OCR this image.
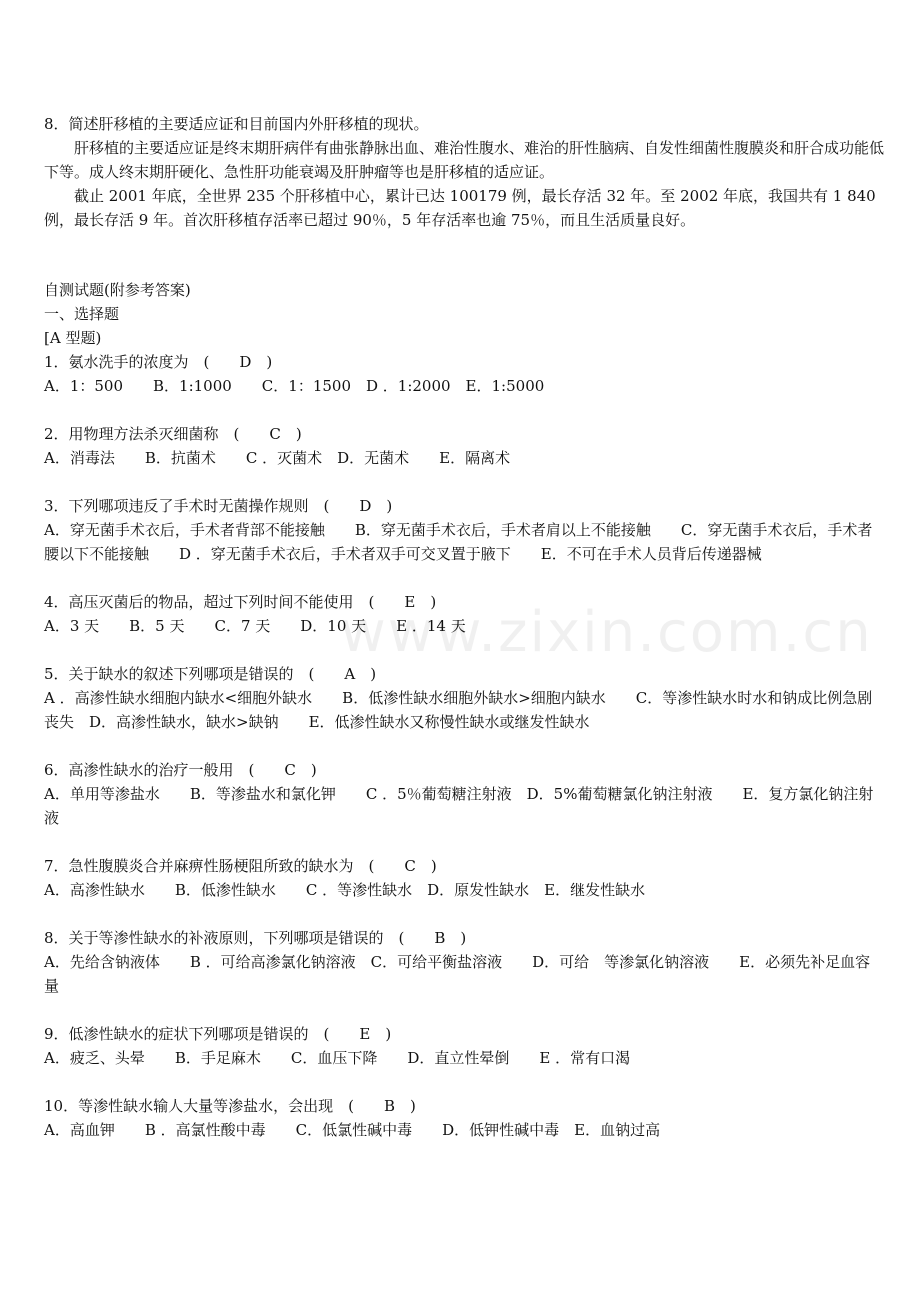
www.zixin.com.cn

8．简述肝移植的主要适应证和目前国内外肝移植的现状。

肝移植的主要适应证是终末期肝病伴有曲张静脉出血、难治性腹水、难治的肝性脑病、自发性细菌性腹膜炎和肝合成功能低下等。成人终末期肝硬化、急性肝功能衰竭及肝肿瘤等也是肝移植的适应证。

截止 2001 年底，全世界 235 个肝移植中心，累计已达 100179 例，最长存活 32 年。至 2002 年底，我国共有 1 840 例，最长存活 9 年。首次肝移植存活率已超过 90％，5 年存活率也逾 75％，而且生活质量良好。

自测试题(附参考答案)

一、选择题

[A 型题)

1．氨水洗手的浓度为　(　　D　)

A．1：500　　B．1:1000　　C．1：1500　D ．1:2000　E．1:5000

2．用物理方法杀灭细菌称　(　　C　)

A．消毒法　　B．抗菌术　　C ．灭菌术　D．无菌术　　E．隔离术

3．下列哪项违反了手术时无菌操作规则　(　　D　)

A．穿无菌手术衣后，手术者背部不能接触　　B．穿无菌手术衣后，手术者肩以上不能接触　　C．穿无菌手术衣后，手术者腰以下不能接触　　D ．穿无菌手术衣后，手术者双手可交叉置于腋下　　E．不可在手术人员背后传递器械

4．高压灭菌后的物品，超过下列时间不能使用　(　　E　)

A．3 天　　B．5 天　　C．7 天　　D．10 天　　E ．14 天

5．关于缺水的叙述下列哪项是错误的　(　　A　)

A ．高渗性缺水细胞内缺水<细胞外缺水　　B．低渗性缺水细胞外缺水>细胞内缺水　　C．等渗性缺水时水和钠成比例急剧丧失　D．高渗性缺水，缺水>缺钠　　E．低渗性缺水又称慢性缺水或继发性缺水

6．高渗性缺水的治疗一般用　(　　C　)

A．单用等渗盐水　　B．等渗盐水和氯化钾　　C ．5％葡萄糖注射液　D．5%葡萄糖氯化钠注射液　　E．复方氯化钠注射液

7．急性腹膜炎合并麻痹性肠梗阻所致的缺水为　(　　C　)

A．高渗性缺水　　B．低渗性缺水　　C ．等渗性缺水　D．原发性缺水　E．继发性缺水

8．关于等渗性缺水的补液原则，下列哪项是错误的　(　　B　)

A．先给含钠液体　　B ．可给高渗氯化钠溶液　C．可给平衡盐溶液　　D．可给　等渗氯化钠溶液　　E．必须先补足血容量

9．低渗性缺水的症状下列哪项是错误的　(　　E　)

A．疲乏、头晕　　B．手足麻木　　C．血压下降　　D．直立性晕倒　　E ．常有口渴

10．等渗性缺水输人大量等渗盐水，会出现　(　　B　)

A．高血钾　　B ．高氯性酸中毒　　C．低氯性碱中毒　　D．低钾性碱中毒　E．血钠过高
